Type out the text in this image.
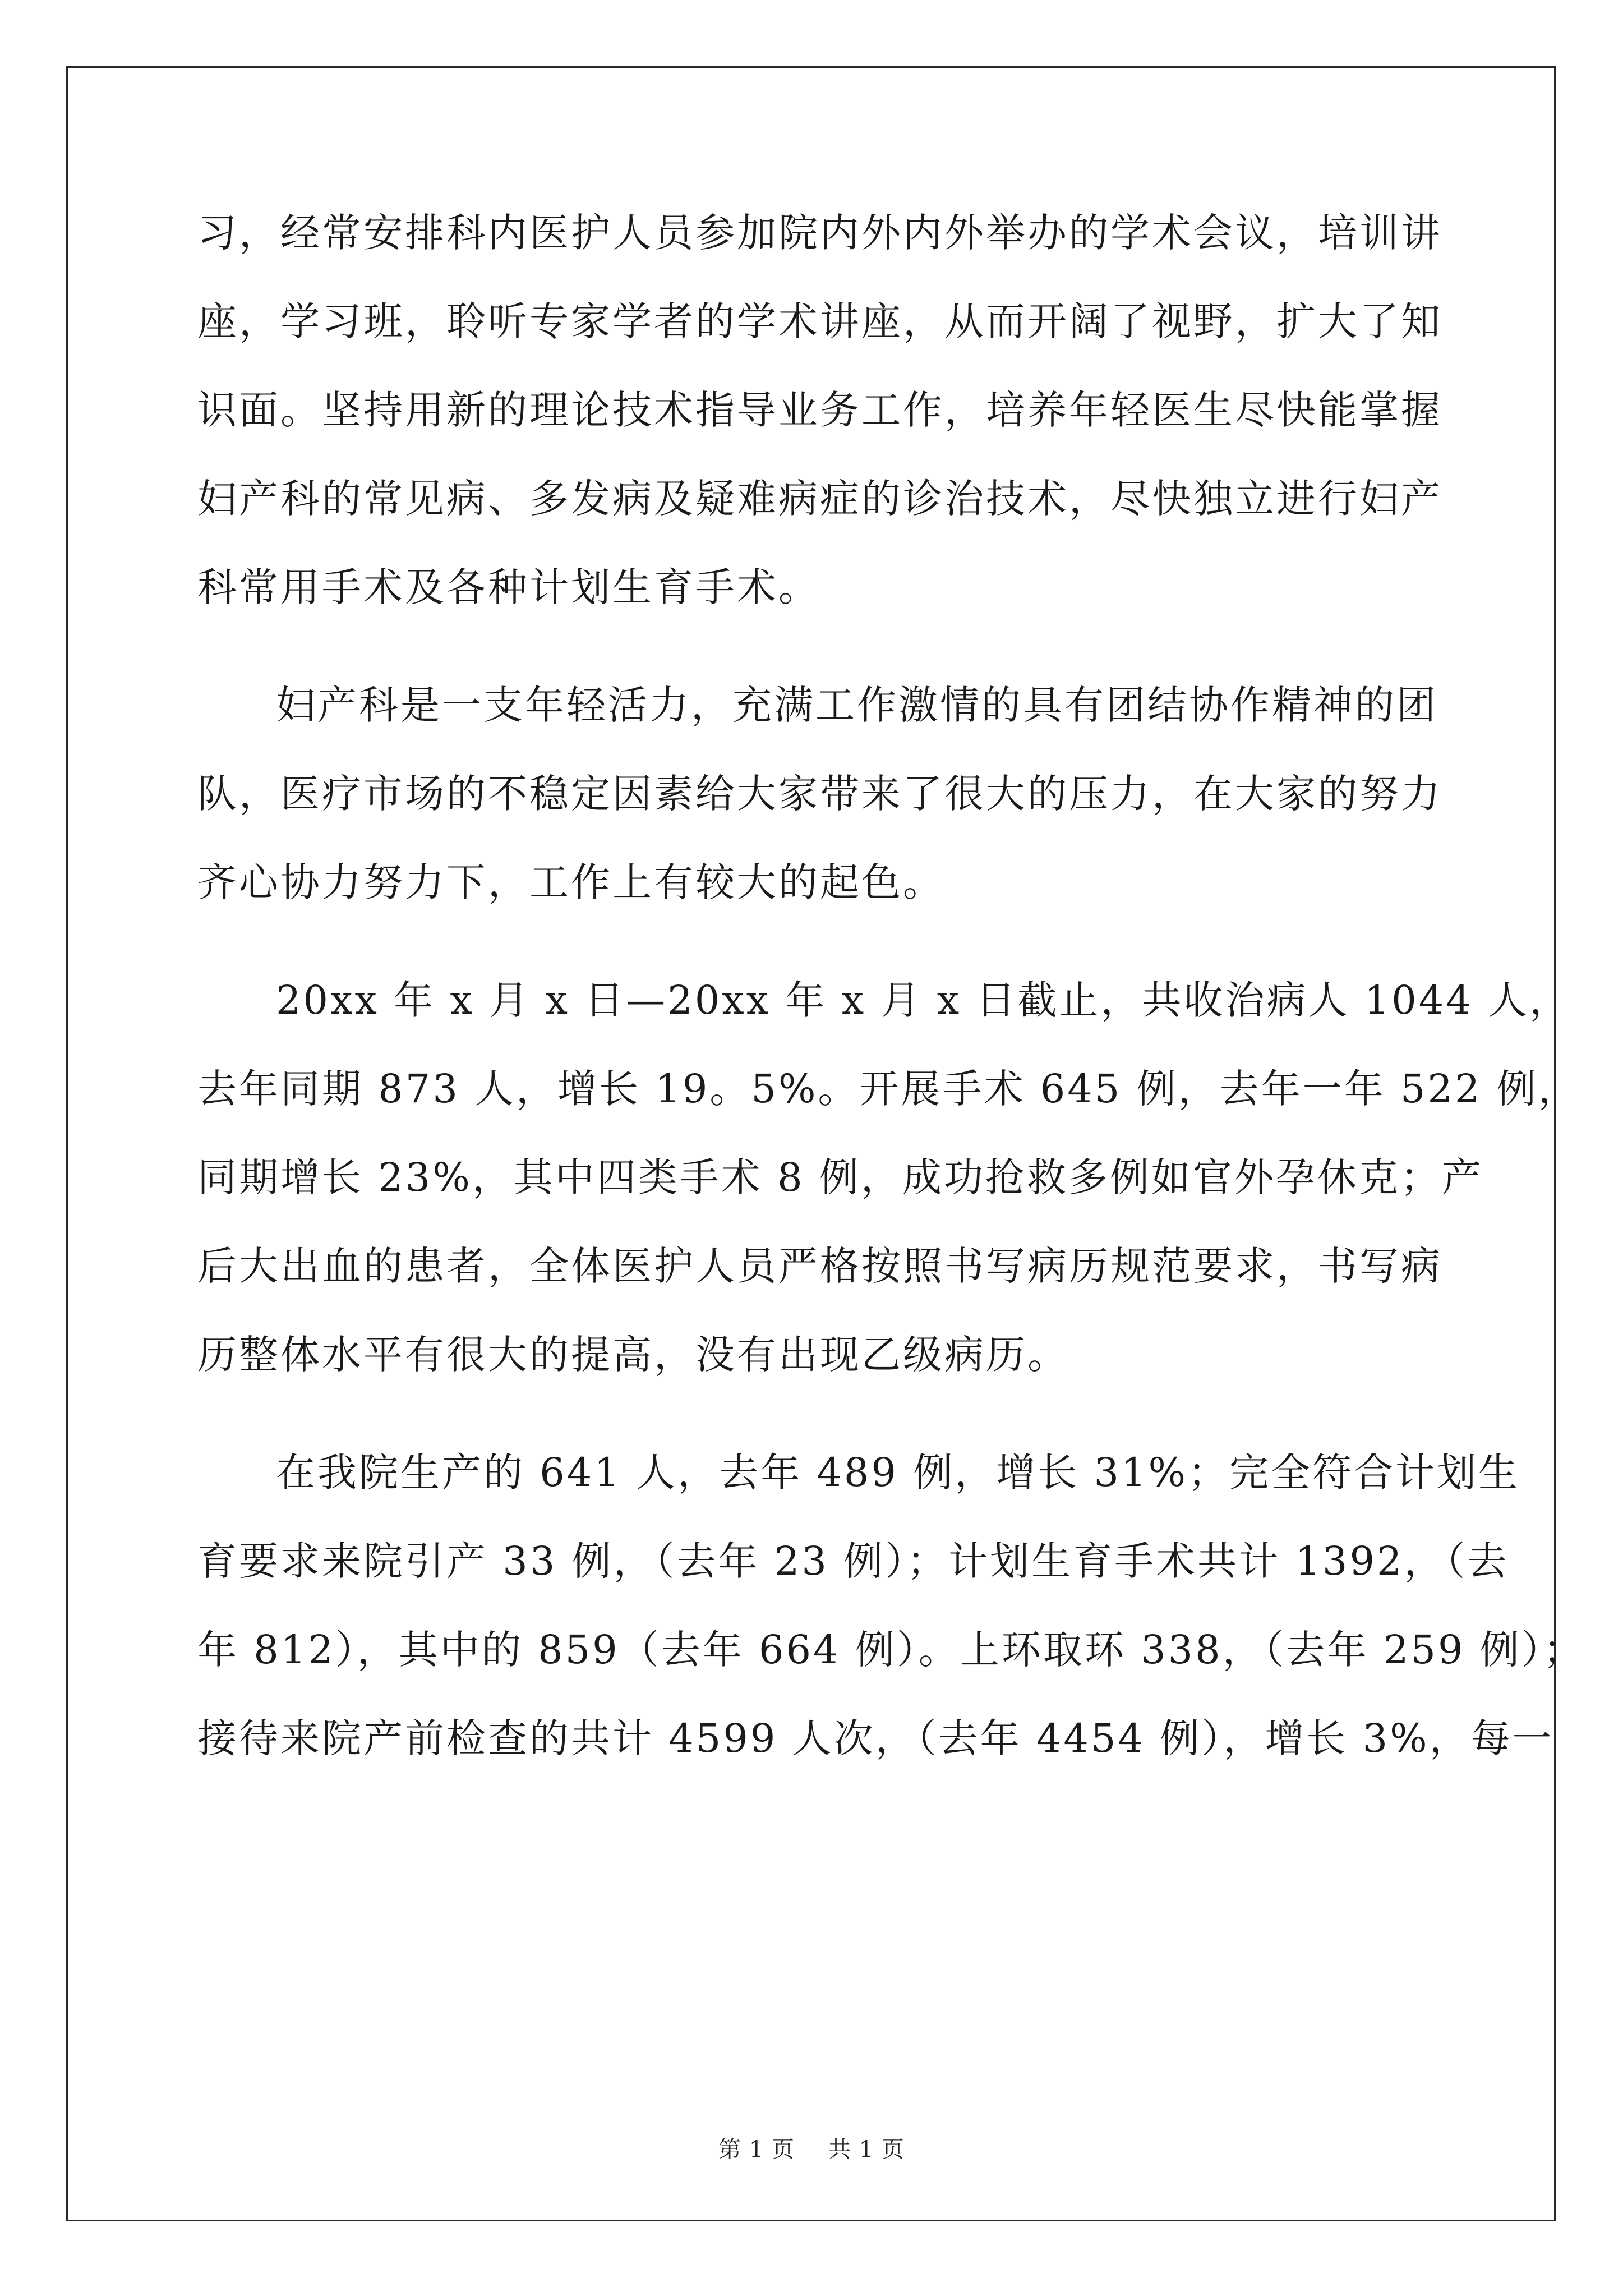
习，经常安排科内医护人员参加院内外内外举办的学术会议，培训讲
座，学习班，聆听专家学者的学术讲座，从而开阔了视野，扩大了知
识面。坚持用新的理论技术指导业务工作，培养年轻医生尽快能掌握
妇产科的常见病、多发病及疑难病症的诊治技术，尽快独立进行妇产
科常用手术及各种计划生育手术。
妇产科是一支年轻活力，充满工作激情的具有团结协作精神的团
队，医疗市场的不稳定因素给大家带来了很大的压力，在大家的努力
齐心协力努力下，工作上有较大的起色。
20xx 年 x 月 x 日—20xx 年 x 月 x 日截止，共收治病人 1044 人，
去年同期 873 人，增长 19。5%。开展手术 645 例，去年一年 522 例，
同期增长 23%，其中四类手术 8 例，成功抢救多例如官外孕休克；产
后大出血的患者，全体医护人员严格按照书写病历规范要求，书写病
历整体水平有很大的提高，没有出现乙级病历。
在我院生产的 641 人，去年 489 例，增长 31%；完全符合计划生
育要求来院引产 33 例，（去年 23 例）；计划生育手术共计 1392，（去
年 812），其中的 859（去年 664 例）。上环取环 338，（去年 259 例）；
接待来院产前检查的共计 4599 人次，（去年 4454 例），增长 3%，每一
第 1 页 共 1 页
